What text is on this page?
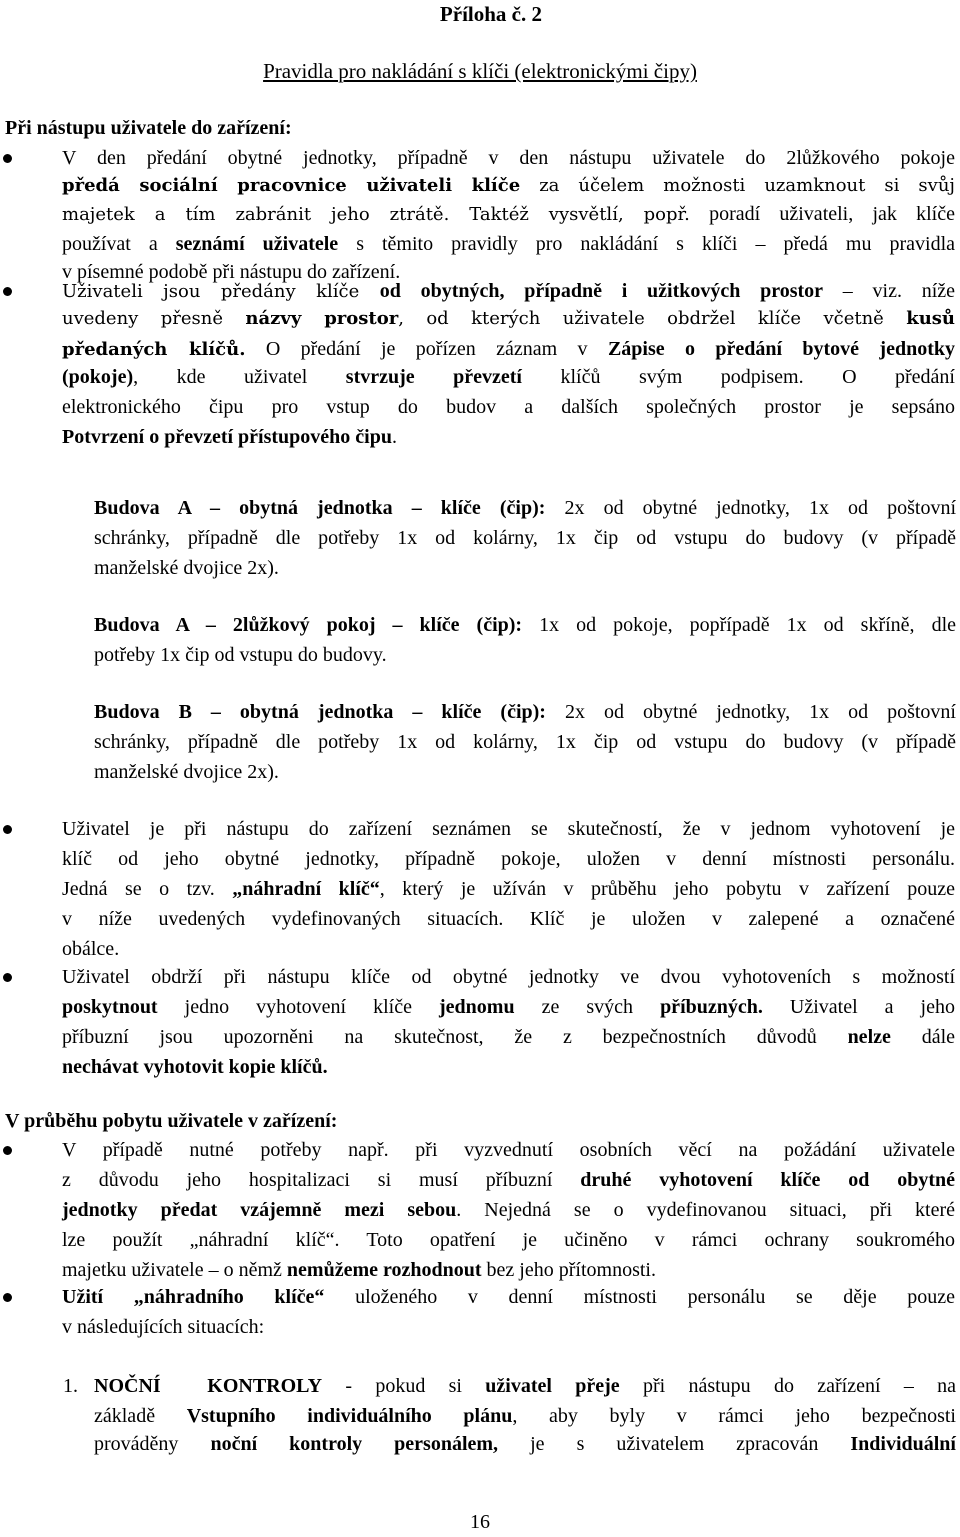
Příloha č. 2
Pravidla pro nakládání s klíči (elektronickými čipy)
Při nástupu uživatele do zařízení:
V den předání obytné jednotky, případně v den nástupu uživatele do 2lůžkového pokoje
předá sociální pracovnice uživateli klíče za účelem možnosti uzamknout si svůj
majetek a tím zabránit jeho ztrátě. Taktéž vysvětlí, popř. poradí uživateli, jak klíče
používat a seznámí uživatele s těmito pravidly pro nakládání s klíči – předá mu pravidla
v písemné podobě při nástupu do zařízení.
Uživateli jsou předány klíče od obytných, případně i užitkových prostor – viz. níže
uvedeny přesně názvy prostor, od kterých uživatele obdržel klíče včetně kusů
předaných klíčů. O předání je pořízen záznam v Zápise o předání bytové jednotky
(pokoje), kde uživatel stvrzuje převzetí klíčů svým podpisem. O předání
elektronického čipu pro vstup do budov a dalších společných prostor je sepsáno
Potvrzení o převzetí přístupového čipu.
Budova A – obytná jednotka – klíče (čip): 2x od obytné jednotky, 1x od poštovní
schránky, případně dle potřeby 1x od kolárny, 1x čip od vstupu do budovy (v případě
manželské dvojice 2x).
Budova A – 2lůžkový pokoj – klíče (čip): 1x od pokoje, popřípadě 1x od skříně, dle
potřeby 1x čip od vstupu do budovy.
Budova B – obytná jednotka – klíče (čip): 2x od obytné jednotky, 1x od poštovní
schránky, případně dle potřeby 1x od kolárny, 1x čip od vstupu do budovy (v případě
manželské dvojice 2x).
Uživatel je při nástupu do zařízení seznámen se skutečností, že v jednom vyhotovení je
klíč od jeho obytné jednotky, případně pokoje, uložen v denní místnosti personálu.
Jedná se o tzv. „náhradní klíč“, který je užíván v průběhu jeho pobytu v zařízení pouze
v níže uvedených vydefinovaných situacích. Klíč je uložen v zalepené a označené
obálce.
Uživatel obdrží při nástupu klíče od obytné jednotky ve dvou vyhotoveních s možností
poskytnout jedno vyhotovení klíče jednomu ze svých příbuzných. Uživatel a jeho
příbuzní jsou upozorněni na skutečnost, že z bezpečnostních důvodů nelze dále
nechávat vyhotovit kopie klíčů.
V průběhu pobytu uživatele v zařízení:
V případě nutné potřeby např. při vyzvednutí osobních věcí na požádání uživatele
z důvodu jeho hospitalizaci si musí příbuzní druhé vyhotovení klíče od obytné
jednotky předat vzájemně mezi sebou. Nejedná se o vydefinovanou situaci, při které
lze použít „náhradní klíč“. Toto opatření je učiněno v rámci ochrany soukromého
majetku uživatele – o němž nemůžeme rozhodnout bez jeho přítomnosti.
Užití „náhradního klíče“ uloženého v denní místnosti personálu se děje pouze
v následujících situacích:
1. NOČNÍ  KONTROLY - pokud si uživatel přeje při nástupu do zařízení – na
základě Vstupního individuálního plánu, aby byly v rámci jeho bezpečnosti
prováděny noční kontroly personálem, je s uživatelem zpracován Individuální
16
